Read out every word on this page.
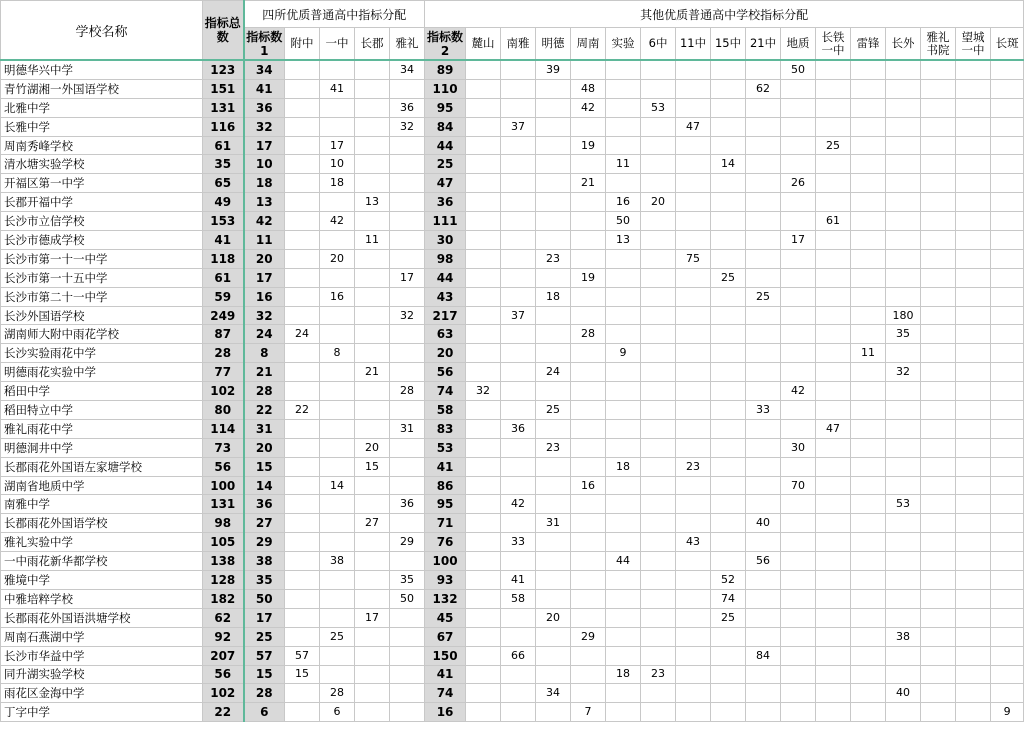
学校名称	指标总数	四所优质普通高中指标分配					其他优质普通高中学校指标分配																
		指标数1	附中	一中	长郡	雅礼	指标数2	麓山	南雅	明德	周南	实验	6中	11中	15中	21中	地质	长铁一中	雷锋	长外	雅礼书院	望城一中	长斑
明德华兴中学	123	34				34	89			39							50						
青竹湖湘一外国语学校	151	41		41			110				48					62							
北雅中学	131	36				36	95				42		53										
长雅中学	116	32				32	84		37					47									
周南秀峰学校	61	17		17			44				19							25					
清水塘实验学校	35	10		10			25					11			14								
开福区第一中学	65	18		18			47				21						26						
长郡开福中学	49	13			13		36					16	20										
长沙市立信学校	153	42		42			111					50						61					
长沙市德成学校	41	11			11		30					13					17						
长沙市第一十一中学	118	20		20			98			23				75									
长沙市第一十五中学	61	17				17	44				19				25								
长沙市第二十一中学	59	16		16			43			18						25							
长沙外国语学校	249	32				32	217		37											180			
湖南师大附中雨花学校	87	24	24				63				28									35			
长沙实验雨花中学	28	8		8			20					9							11				
明德雨花实验中学	77	21			21		56			24										32			
稻田中学	102	28				28	74	32									42						
稻田特立中学	80	22	22				58			25						33							
雅礼雨花中学	114	31				31	83		36									47					
明德洞井中学	73	20			20		53			23							30						
长郡雨花外国语左家塘学校	56	15			15		41					18		23									
湖南省地质中学	100	14		14			86				16						70						
南雅中学	131	36				36	95		42											53			
长郡雨花外国语学校	98	27			27		71			31						40							
雅礼实验中学	105	29				29	76		33					43									
一中雨花新华都学校	138	38		38			100					44				56							
雅境中学	128	35				35	93		41						52								
中雅培粹学校	182	50				50	132		58						74								
长郡雨花外国语洪塘学校	62	17			17		45			20					25								
周南石燕湖中学	92	25		25			67				29									38			
长沙市华益中学	207	57	57				150		66							84							
同升湖实验学校	56	15	15				41					18	23										
雨花区金海中学	102	28		28			74			34										40			
丁字中学	22	6		6			16				7												9
